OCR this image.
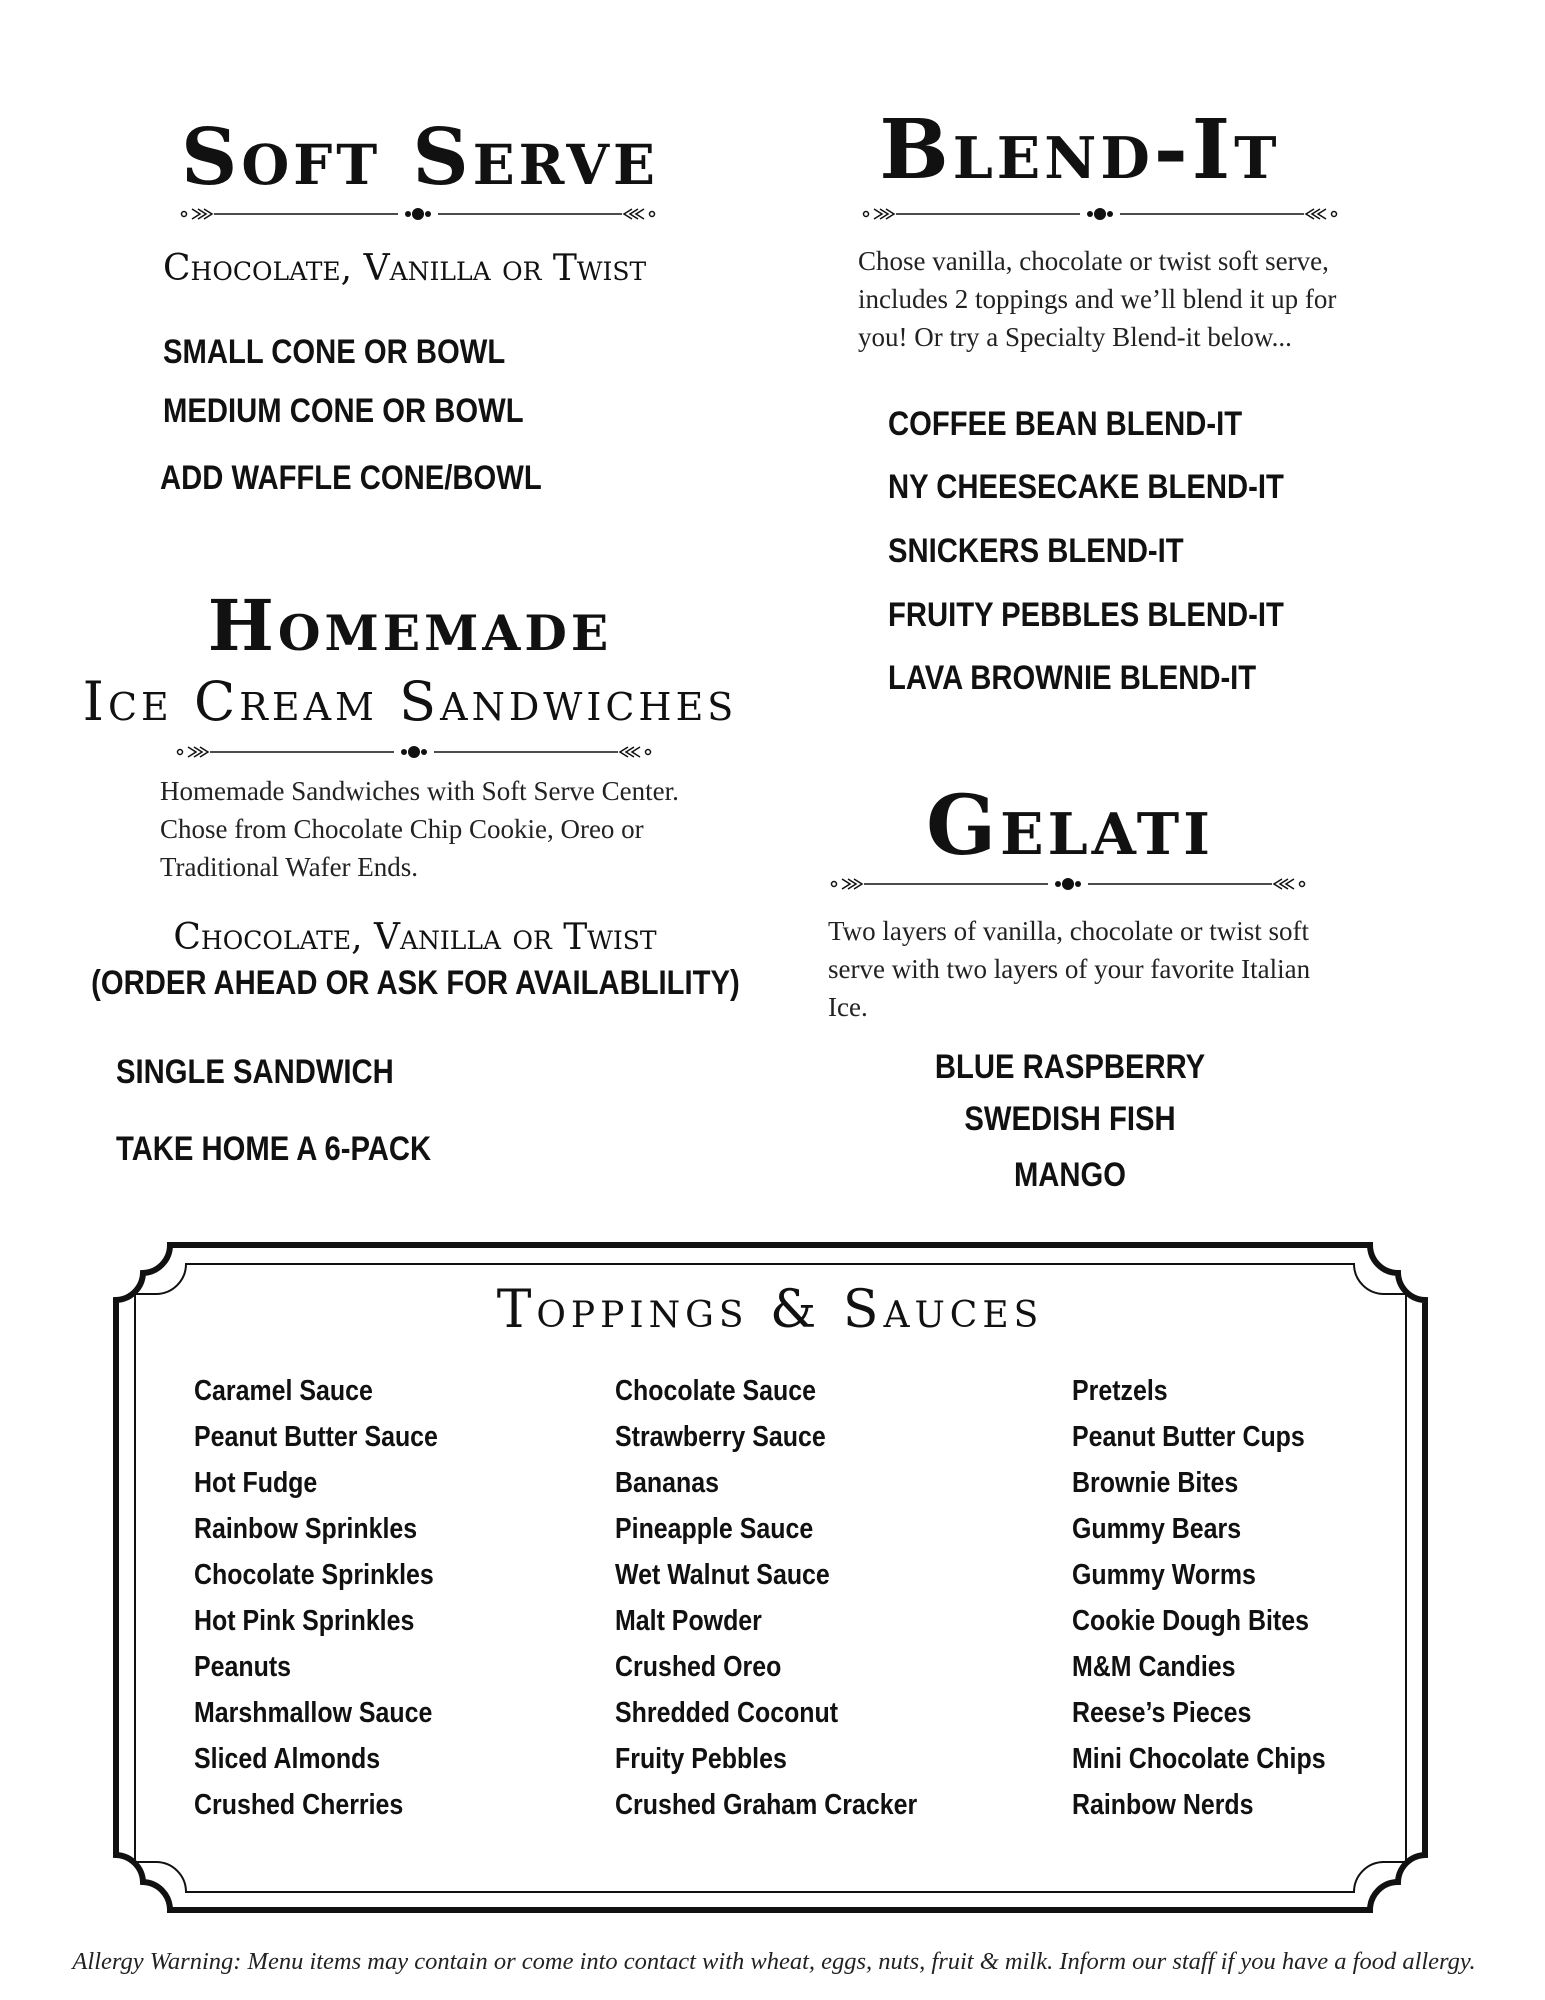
Soft Serve
Chocolate, Vanilla or Twist
SMALL CONE OR BOWL
MEDIUM CONE OR BOWL
ADD WAFFLE CONE/BOWL
Blend-It
Chose vanilla, chocolate or twist soft serve, includes 2 toppings and we’ll blend it up for you! Or try a Specialty Blend-it below...
COFFEE BEAN BLEND-IT
NY CHEESECAKE BLEND-IT
SNICKERS BLEND-IT
FRUITY PEBBLES BLEND-IT
LAVA BROWNIE BLEND-IT
Homemade
Ice Cream Sandwiches
Homemade Sandwiches with Soft Serve Center. Chose from Chocolate Chip Cookie, Oreo or Traditional Wafer Ends.
Chocolate, Vanilla or Twist
(ORDER AHEAD OR ASK FOR AVAILABLILITY)
SINGLE SANDWICH
TAKE HOME A 6-PACK
Gelati
Two layers of vanilla, chocolate or twist soft serve with two layers of your favorite Italian Ice.
BLUE RASPBERRY
SWEDISH FISH
MANGO
Toppings & Sauces
Caramel Sauce
Peanut Butter Sauce
Hot Fudge
Rainbow Sprinkles
Chocolate Sprinkles
Hot Pink Sprinkles
Peanuts
Marshmallow Sauce
Sliced Almonds
Crushed Cherries
Chocolate Sauce
Strawberry Sauce
Bananas
Pineapple Sauce
Wet Walnut Sauce
Malt Powder
Crushed Oreo
Shredded Coconut
Fruity Pebbles
Crushed Graham Cracker
Pretzels
Peanut Butter Cups
Brownie Bites
Gummy Bears
Gummy Worms
Cookie Dough Bites
M&M Candies
Reese’s Pieces
Mini Chocolate Chips
Rainbow Nerds
Allergy Warning: Menu items may contain or come into contact with wheat, eggs, nuts, fruit & milk. Inform our staff if you have a food allergy.
